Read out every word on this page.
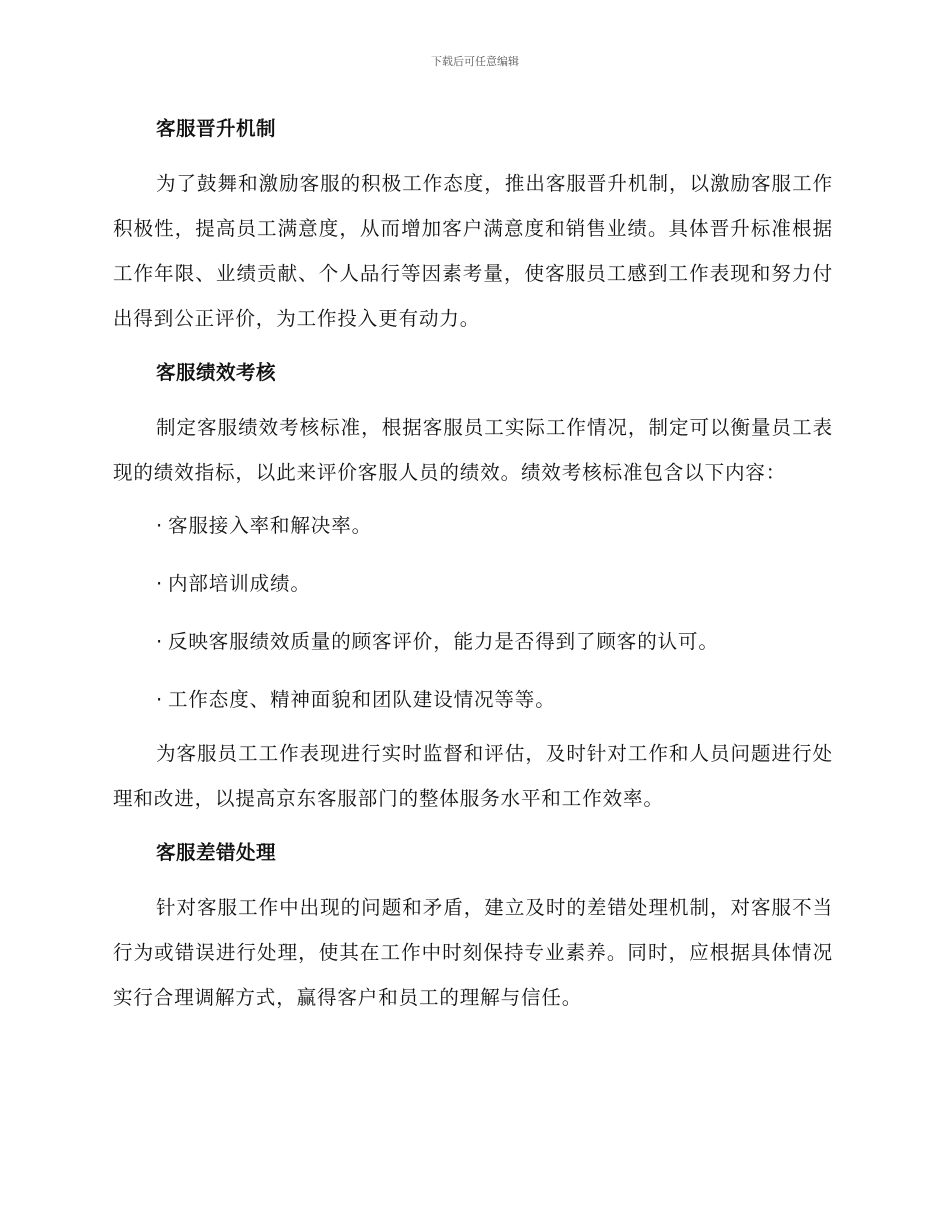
下载后可任意编辑
客服晋升机制

为了鼓舞和激励客服的积极工作态度，推出客服晋升机制，以激励客服工作积极性，提高员工满意度，从而增加客户满意度和销售业绩。具体晋升标准根据工作年限、业绩贡献、个人品行等因素考量，使客服员工感到工作表现和努力付出得到公正评价，为工作投入更有动力。

客服绩效考核

制定客服绩效考核标准，根据客服员工实际工作情况，制定可以衡量员工表现的绩效指标，以此来评价客服人员的绩效。绩效考核标准包含以下内容：

· 客服接入率和解决率。
· 内部培训成绩。
· 反映客服绩效质量的顾客评价，能力是否得到了顾客的认可。
· 工作态度、精神面貌和团队建设情况等等。

为客服员工工作表现进行实时监督和评估，及时针对工作和人员问题进行处理和改进，以提高京东客服部门的整体服务水平和工作效率。

客服差错处理

针对客服工作中出现的问题和矛盾，建立及时的差错处理机制，对客服不当行为或错误进行处理，使其在工作中时刻保持专业素养。同时，应根据具体情况实行合理调解方式，赢得客户和员工的理解与信任。
